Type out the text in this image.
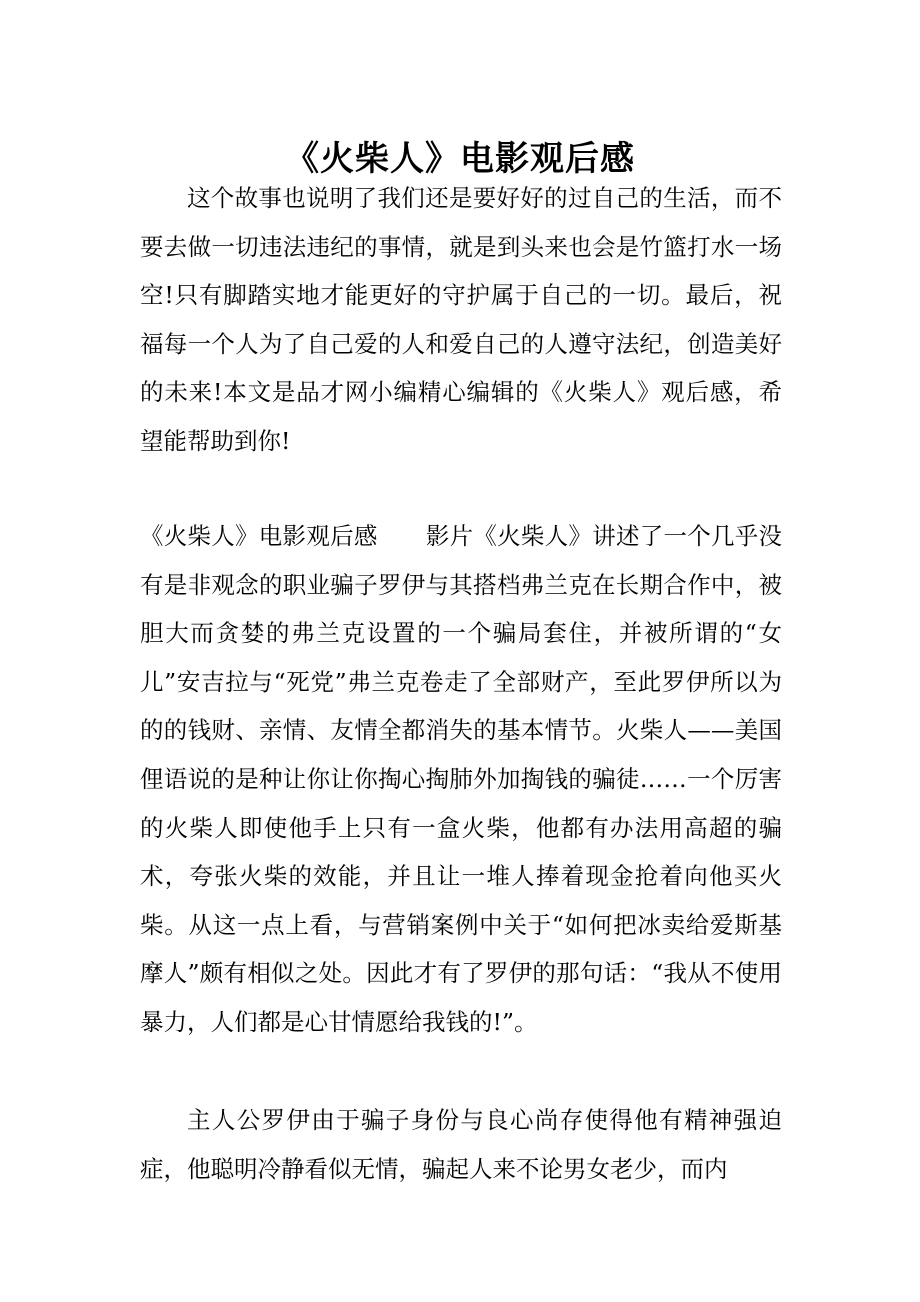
《火柴人》电影观后感

这个故事也说明了我们还是要好好的过自己的生活，而不要去做一切违法违纪的事情，就是到头来也会是竹篮打水一场空!只有脚踏实地才能更好的守护属于自己的一切。最后，祝福每一个人为了自己爱的人和爱自己的人遵守法纪，创造美好的未来!本文是品才网小编精心编辑的《火柴人》观后感，希望能帮助到你!

《火柴人》电影观后感 影片《火柴人》讲述了一个几乎没有是非观念的职业骗子罗伊与其搭档弗兰克在长期合作中，被胆大而贪婪的弗兰克设置的一个骗局套住，并被所谓的“女儿”安吉拉与“死党”弗兰克卷走了全部财产，至此罗伊所以为的的钱财、亲情、友情全都消失的基本情节。火柴人——美国俚语说的是种让你让你掏心掏肺外加掏钱的骗徒……一个厉害的火柴人即使他手上只有一盒火柴，他都有办法用高超的骗术，夸张火柴的效能，并且让一堆人捧着现金抢着向他买火柴。从这一点上看，与营销案例中关于“如何把冰卖给爱斯基摩人”颇有相似之处。因此才有了罗伊的那句话：“我从不使用暴力，人们都是心甘情愿给我钱的!”。

主人公罗伊由于骗子身份与良心尚存使得他有精神强迫症，他聪明冷静看似无情，骗起人来不论男女老少，而内
